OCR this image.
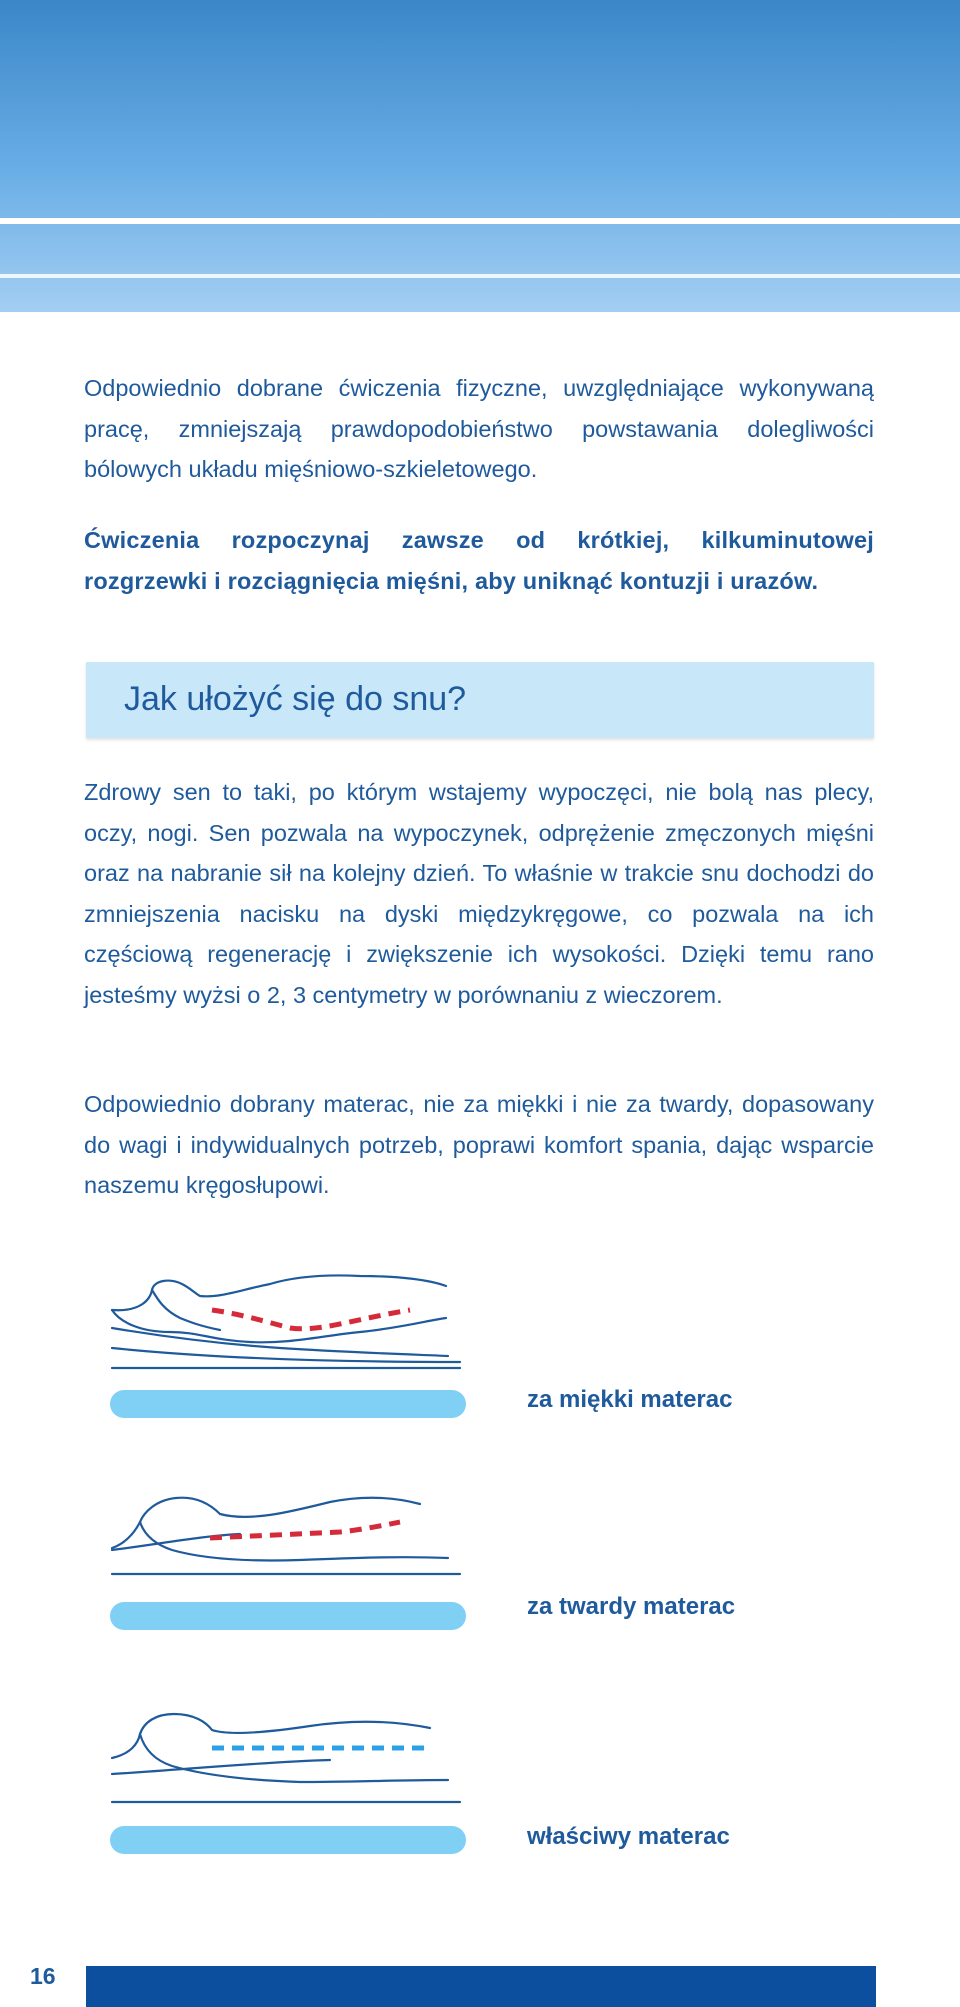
Odpowiednio dobrane ćwiczenia fizyczne, uwzględniające wykonywaną pracę, zmniejszają prawdopodobieństwo powstawania dolegliwości bólowych układu mięśniowo-szkieletowego.

Ćwiczenia rozpoczynaj zawsze od krótkiej, kilkuminutowej rozgrzewki i rozciągnięcia mięśni, aby uniknąć kontuzji i urazów.

Jak ułożyć się do snu?

Zdrowy sen to taki, po którym wstajemy wypoczęci, nie bolą nas plecy, oczy, nogi. Sen pozwala na wypoczynek, odprężenie zmęczonych mięśni oraz na nabranie sił na kolejny dzień. To właśnie w trakcie snu dochodzi do zmniejszenia nacisku na dyski międzykręgowe, co pozwala na ich częściową regenerację i zwiększenie ich wysokości. Dzięki temu rano jesteśmy wyżsi o 2, 3 centymetry w porównaniu z wieczorem.

Odpowiednio dobrany materac, nie za miękki i nie za twardy, dopasowany do wagi i indywidualnych potrzeb, poprawi komfort spania, dając wsparcie naszemu kręgosłupowi.

za miękki materac

za twardy materac

właściwy materac

16
